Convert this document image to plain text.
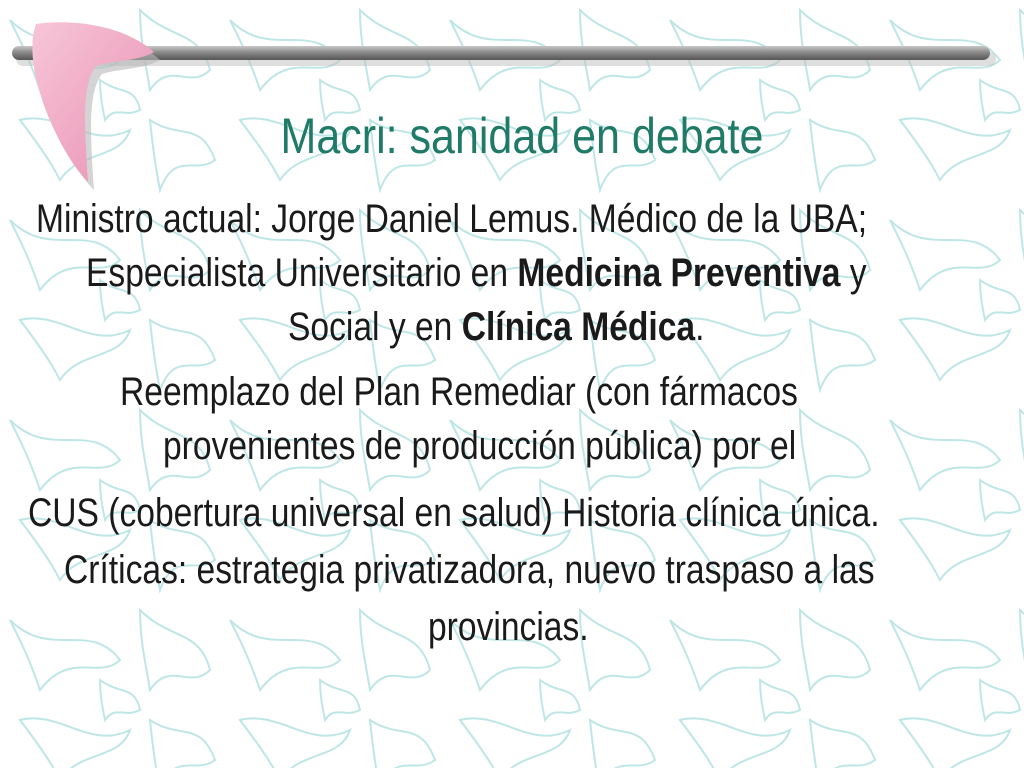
Macri: sanidad en debate
Ministro actual: Jorge Daniel Lemus. Médico de la UBA;
Especialista Universitario en Medicina Preventiva y
Social y en Clínica Médica.
Reemplazo del Plan Remediar (con fármacos
provenientes de producción pública) por el
CUS (cobertura universal en salud) Historia clínica única.
Críticas: estrategia privatizadora, nuevo traspaso a las
provincias.
